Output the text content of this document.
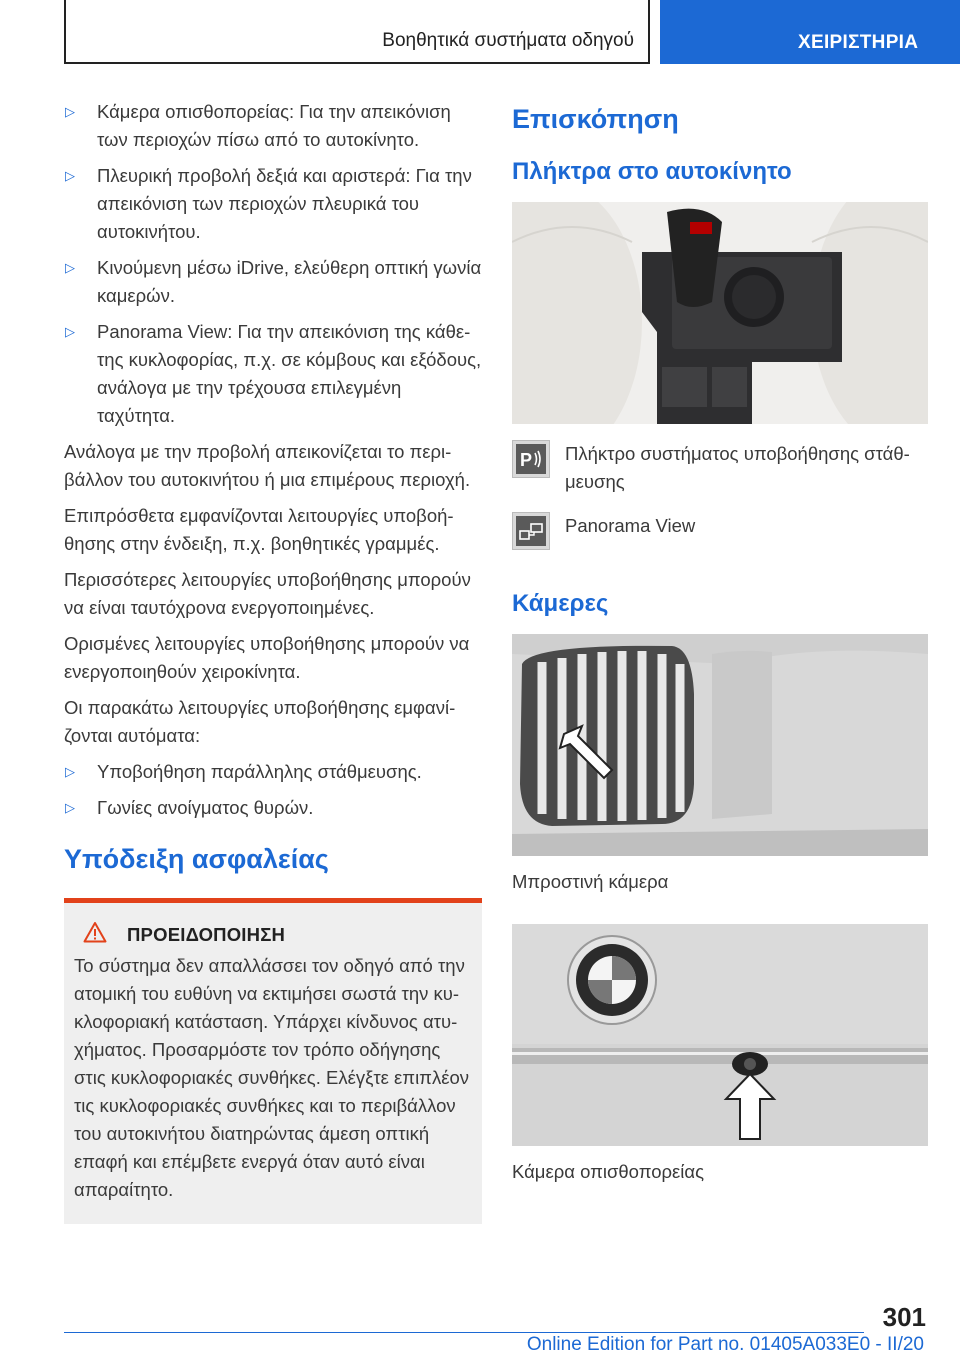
Βοηθητικά συστήματα οδηγού	ΧΕΙΡΙΣΤΗΡΙΑ
▷	Κάμερα οπισθοπορείας: Για την απεικόνιση των περιοχών πίσω από το αυτοκίνητο.
▷	Πλευρική προβολή δεξιά και αριστερά: Για την απεικόνιση των περιοχών πλευρικά του αυτοκινήτου.
▷	Κινούμενη μέσω iDrive, ελεύθερη οπτική γωνία καμερών.
▷	Panorama View: Για την απεικόνιση της κάθετης κυκλοφορίας, π.χ. σε κόμβους και εξόδους, ανάλογα με την τρέχουσα επιλεγμένη ταχύτητα.

Ανάλογα με την προβολή απεικονίζεται το περιβάλλον του αυτοκινήτου ή μια επιμέρους περιοχή.

Επιπρόσθετα εμφανίζονται λειτουργίες υποβοήθησης στην ένδειξη, π.χ. βοηθητικές γραμμές.

Περισσότερες λειτουργίες υποβοήθησης μπορούν να είναι ταυτόχρονα ενεργοποιημένες.

Ορισμένες λειτουργίες υποβοήθησης μπορούν να ενεργοποιηθούν χειροκίνητα.

Οι παρακάτω λειτουργίες υποβοήθησης εμφανίζονται αυτόματα:

▷	Υποβοήθηση παράλληλης στάθμευσης.
▷	Γωνίες ανοίγματος θυρών.
Υπόδειξη ασφαλείας
ΠΡΟΕΙΔΟΠΟΙΗΣΗ

Το σύστημα δεν απαλλάσσει τον οδηγό από την ατομική του ευθύνη να εκτιμήσει σωστά την κυκλοφοριακή κατάσταση. Υπάρχει κίνδυνος ατυχήματος. Προσαρμόστε τον τρόπο οδήγησης στις κυκλοφοριακές συνθήκες. Ελέγξτε επιπλέον τις κυκλοφοριακές συνθήκες και το περιβάλλον του αυτοκινήτου διατηρώντας άμεση οπτική επαφή και επέμβετε ενεργά όταν αυτό είναι απαραίτητο.

Επισκόπηση
Πλήκτρα στο αυτοκίνητο
P Πλήκτρο συστήματος υποβοήθησης στάθμευσης
Panorama View
Κάμερες
Μπροστινή κάμερα
Κάμερα οπισθοπορείας
301
Online Edition for Part no. 01405A033E0 - II/20
